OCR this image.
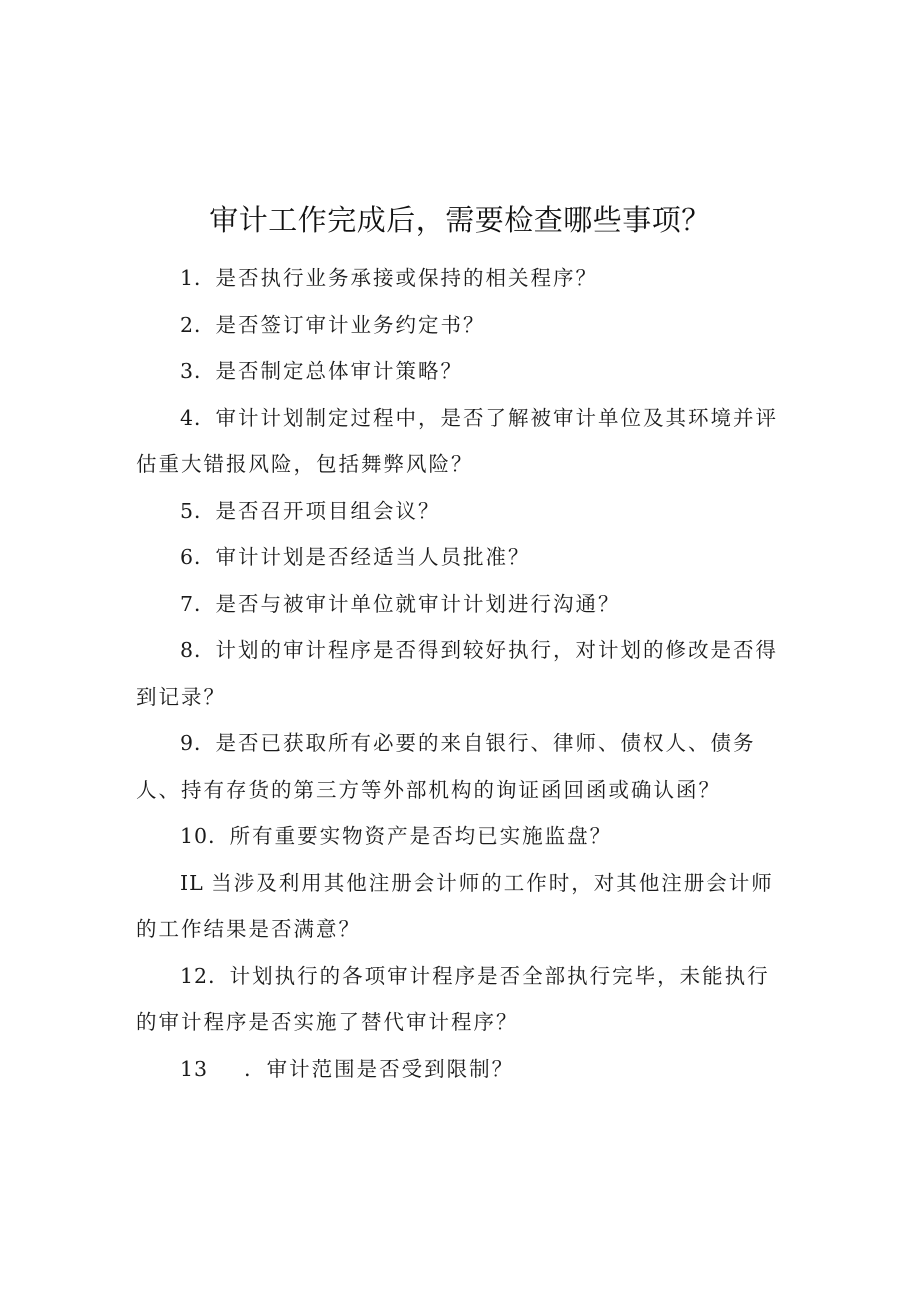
审计工作完成后，需要检查哪些事项？

1．是否执行业务承接或保持的相关程序？

2．是否签订审计业务约定书？

3．是否制定总体审计策略？

4．审计计划制定过程中，是否了解被审计单位及其环境并评估重大错报风险，包括舞弊风险？

5．是否召开项目组会议？

6．审计计划是否经适当人员批准？

7．是否与被审计单位就审计计划进行沟通？

8．计划的审计程序是否得到较好执行，对计划的修改是否得到记录？

9．是否已获取所有必要的来自银行、律师、债权人、债务人、持有存货的第三方等外部机构的询证函回函或确认函？

10．所有重要实物资产是否均已实施监盘？

IL 当涉及利用其他注册会计师的工作时，对其他注册会计师的工作结果是否满意？

12．计划执行的各项审计程序是否全部执行完毕，未能执行的审计程序是否实施了替代审计程序？

13 ．审计范围是否受到限制？
